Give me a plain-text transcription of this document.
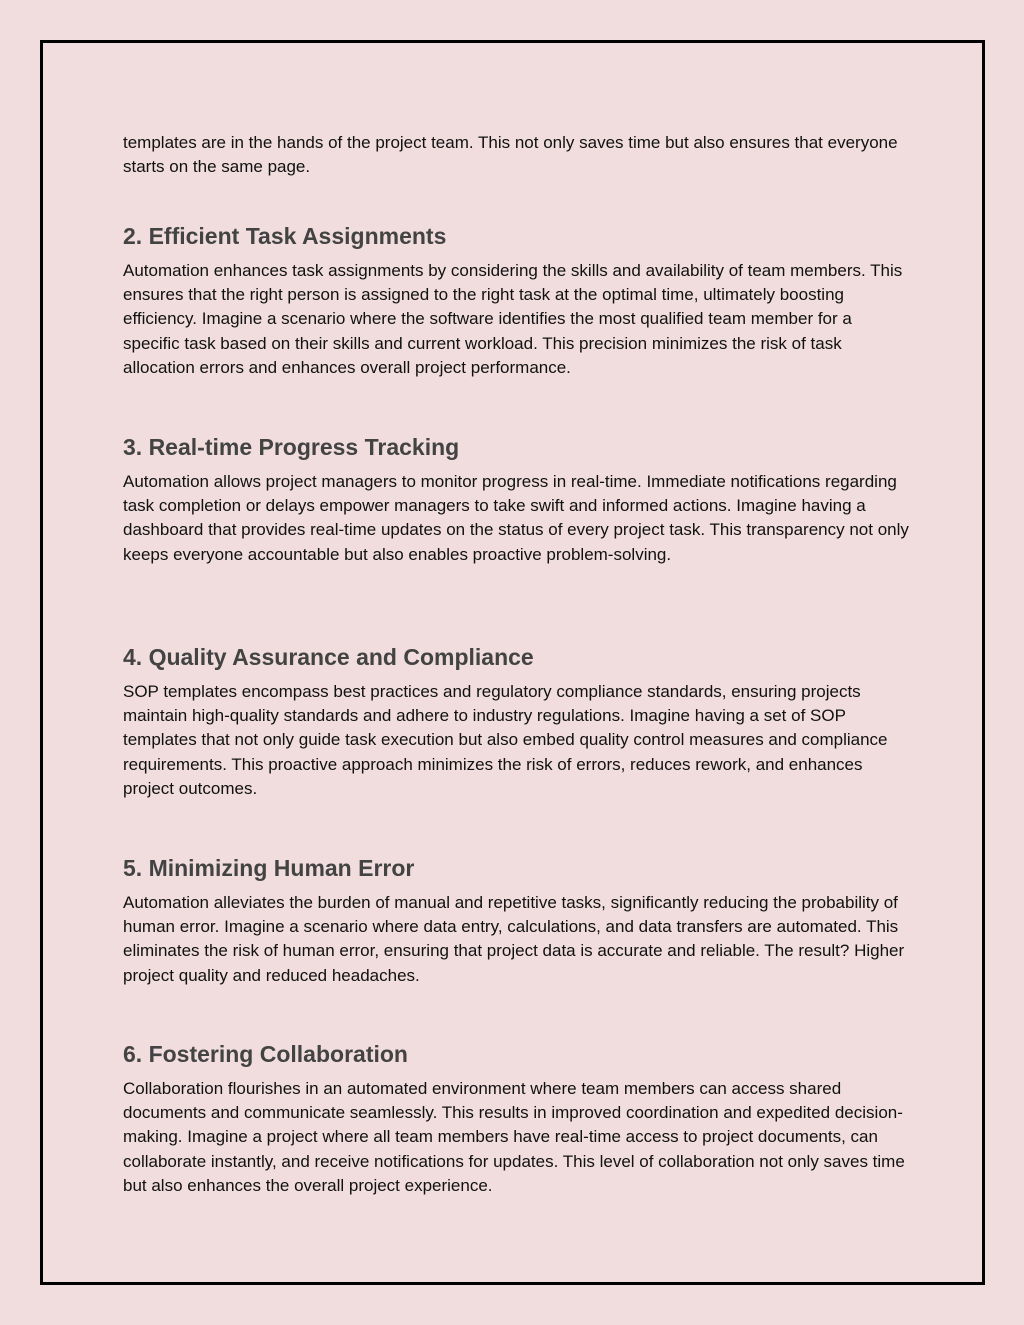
templates are in the hands of the project team. This not only saves time but also ensures that everyone starts on the same page.

2. Efficient Task Assignments

Automation enhances task assignments by considering the skills and availability of team members. This ensures that the right person is assigned to the right task at the optimal time, ultimately boosting efficiency. Imagine a scenario where the software identifies the most qualified team member for a specific task based on their skills and current workload. This precision minimizes the risk of task allocation errors and enhances overall project performance.

3. Real-time Progress Tracking

Automation allows project managers to monitor progress in real-time. Immediate notifications regarding task completion or delays empower managers to take swift and informed actions. Imagine having a dashboard that provides real-time updates on the status of every project task. This transparency not only keeps everyone accountable but also enables proactive problem-solving.

4. Quality Assurance and Compliance

SOP templates encompass best practices and regulatory compliance standards, ensuring projects maintain high-quality standards and adhere to industry regulations. Imagine having a set of SOP templates that not only guide task execution but also embed quality control measures and compliance requirements. This proactive approach minimizes the risk of errors, reduces rework, and enhances project outcomes.

5. Minimizing Human Error

Automation alleviates the burden of manual and repetitive tasks, significantly reducing the probability of human error. Imagine a scenario where data entry, calculations, and data transfers are automated. This eliminates the risk of human error, ensuring that project data is accurate and reliable. The result? Higher project quality and reduced headaches.

6. Fostering Collaboration

Collaboration flourishes in an automated environment where team members can access shared documents and communicate seamlessly. This results in improved coordination and expedited decision-making. Imagine a project where all team members have real-time access to project documents, can collaborate instantly, and receive notifications for updates. This level of collaboration not only saves time but also enhances the overall project experience.
